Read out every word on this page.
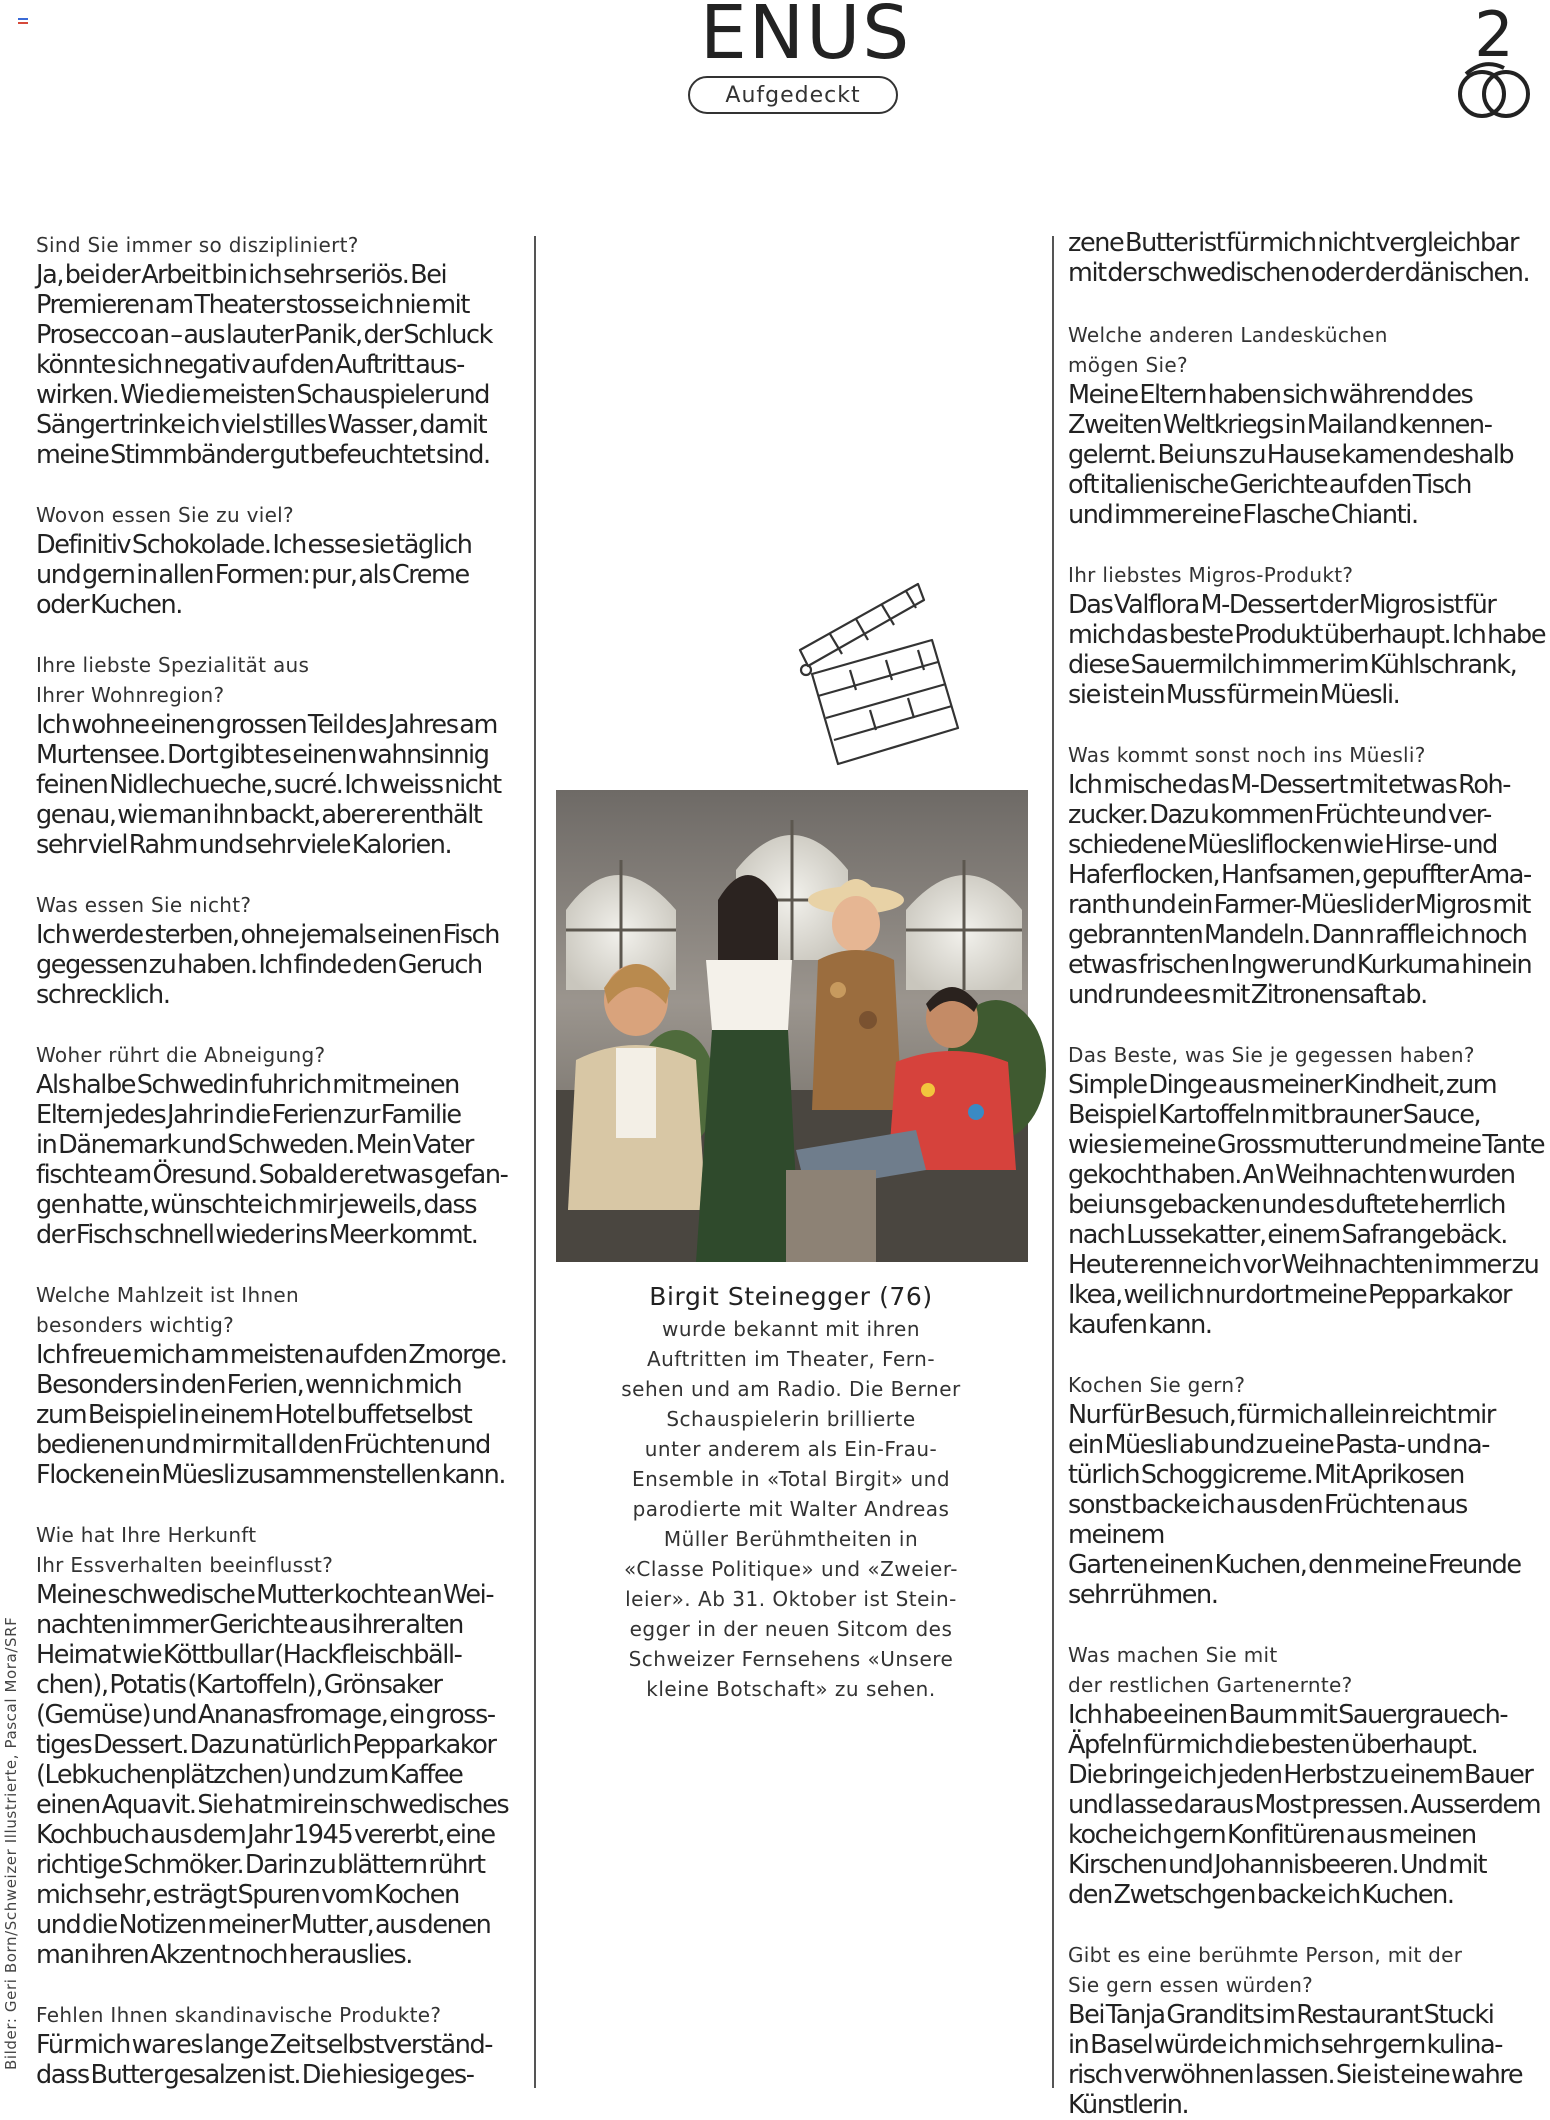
ENUS
Aufgedeckt
2
Sind Sie immer so diszipliniert?
Ja, bei der Arbeit bin ich sehr seriös. Bei
Premieren am Theater stosse ich nie mit
Prosecco an – aus lauter Panik, der Schluck
könnte sich negativ auf den Auftritt aus-
wirken. Wie die meisten Schauspieler und
Sänger trinke ich viel stilles Wasser, damit
meine Stimmbänder gut befeuchtet sind.
Wovon essen Sie zu viel?
Definitiv Schokolade. Ich esse sie täglich
und gern in allen Formen: pur, als Creme
oder Kuchen.
Ihre liebste Spezialität aus
Ihrer Wohnregion?
Ich wohne einen grossen Teil des Jahres am
Murtensee. Dort gibt es einen wahnsinnig
feinen Nidlechueche, sucré. Ich weiss nicht
genau, wie man ihn backt, aber er enthält
sehr viel Rahm und sehr viele Kalorien.
Was essen Sie nicht?
Ich werde sterben, ohne jemals einen Fisch
gegessen zu haben. Ich finde den Geruch
schrecklich.
Woher rührt die Abneigung?
Als halbe Schwedin fuhr ich mit meinen
Eltern jedes Jahr in die Ferien zur Familie
in Dänemark und Schweden. Mein Vater
fischte am Öresund. Sobald er etwas gefan-
gen hatte, wünschte ich mir jeweils, dass
der Fisch schnell wieder ins Meer kommt.
Welche Mahlzeit ist Ihnen
besonders wichtig?
Ich freue mich am meisten auf den Zmorge.
Besonders in den Ferien, wenn ich mich
zum Beispiel in einem Hotel buffetselbst
bedienen und mir mit all den Früchten und
Flocken ein Müesli zusammenstellen kann.
Wie hat Ihre Herkunft
Ihr Essverhalten beeinflusst?
Meine schwedische Mutter kochte an Wei-
nachten immer Gerichte aus ihrer alten
Heimat wie Köttbullar (Hackfleischbäll-
chen), Potatis (Kartoffeln), Grönsaker
(Gemüse) und Ananasfromage, ein gross-
tiges Dessert. Dazu natürlich Pepparkakor
(Lebkuchenplätzchen) und zum Kaffee
einen Aquavit. Sie hat mir ein schwedisches
Kochbuch aus dem Jahr 1945 vererbt, eine
richtige Schmöker. Darin zu blättern rührt
mich sehr, es trägt Spuren vom Kochen
und die Notizen meiner Mutter, aus denen
man ihren Akzent noch herauslies.
Fehlen Ihnen skandinavische Produkte?
Für mich war es lange Zeit selbstverständ-
dass Butter gesalzen ist. Die hiesige ges-
zene Butter ist für mich nicht vergleichbar
mit der schwedischen oder der dänischen.
Welche anderen Landesküchen
mögen Sie?
Meine Eltern haben sich während des
Zweiten Weltkriegs in Mailand kennen-
gelernt. Bei uns zu Hause kamen deshalb
oft italienische Gerichte auf den Tisch
und immer eine Flasche Chianti.
Ihr liebstes Migros-Produkt?
Das Valflora M-Dessert der Migros ist für
mich das beste Produkt überhaupt. Ich habe
diese Sauermilch immer im Kühlschrank,
sie ist ein Muss für mein Müesli.
Was kommt sonst noch ins Müesli?
Ich mische das M-Dessert mit etwas Roh-
zucker. Dazu kommen Früchte und ver-
schiedene Müesliflocken wie Hirse- und
Haferflocken, Hanfsamen, gepuffter Ama-
ranth und ein Farmer-Müesli der Migros mit
gebrannten Mandeln. Dann raffle ich noch
etwas frischen Ingwer und Kurkuma hinein
und runde es mit Zitronensaft ab.
Das Beste, was Sie je gegessen haben?
Simple Dinge aus meiner Kindheit, zum
Beispiel Kartoffeln mit brauner Sauce,
wie sie meine Grossmutter und meine Tante
gekocht haben. An Weihnachten wurden
bei uns gebacken und es duftete herrlich
nach Lussekatter, einem Safrangebäck.
Heute renne ich vor Weihnachten immer zu
Ikea, weil ich nur dort meine Pepparkakor
kaufen kann.
Kochen Sie gern?
Nur für Besuch, für mich allein reicht mir
ein Müesli ab und zu eine Pasta- und na-
türlich Schoggicreme. Mit Aprikosen
sonst backe ich aus den Früchten aus meinem
Garten einen Kuchen, den meine Freunde
sehr rühmen.
Was machen Sie mit
der restlichen Gartenernte?
Ich habe einen Baum mit Sauergrauech-
Äpfeln für mich die besten überhaupt.
Die bringe ich jeden Herbst zu einem Bauer
und lasse daraus Most pressen. Ausserdem
koche ich gern Konfitüren aus meinen
Kirschen und Johannisbeeren. Und mit
den Zwetschgen backe ich Kuchen.
Gibt es eine berühmte Person, mit der
Sie gern essen würden?
Bei Tanja Grandits im Restaurant Stucki
in Basel würde ich mich sehr gern kulina-
risch verwöhnen lassen. Sie ist eine wahre
Künstlerin.
Birgit Steinegger (76)
wurde bekannt mit ihren
Auftritten im Theater, Fern-
sehen und am Radio. Die Berner
Schauspielerin brillierte
unter anderem als Ein-Frau-
Ensemble in «Total Birgit» und
parodierte mit Walter Andreas
Müller Berühmtheiten in
«Classe Politique» und «Zweier-
leier». Ab 31. Oktober ist Stein-
egger in der neuen Sitcom des
Schweizer Fernsehens «Unsere
kleine Botschaft» zu sehen.
Bilder: Geri Born/Schweizer Illustrierte, Pascal Mora/SRF
